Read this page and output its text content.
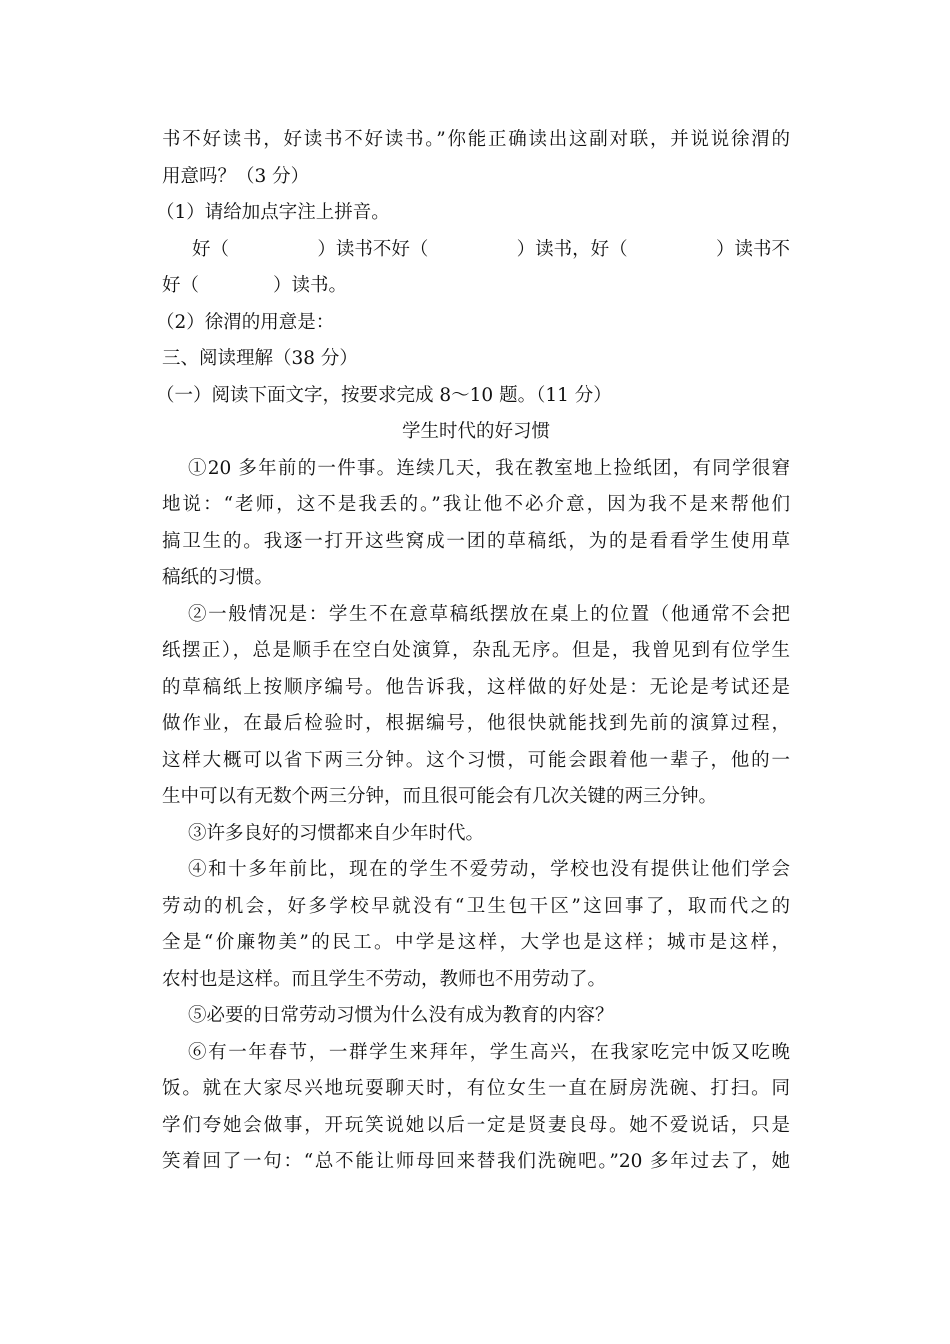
书不好读书，好读书不好读书。”你能正确读出这副对联，并说说徐渭的
用意吗？（3 分）
（1）请给加点字注上拼音。
好（	）读书不好（	）读书，好（	）读书不
好（　　　　）读书。
（2）徐渭的用意是：
三、阅读理解（38 分）
（一）阅读下面文字，按要求完成 8～10 题。（11 分）
学生时代的好习惯
①20 多年前的一件事。连续几天，我在教室地上捡纸团，有同学很窘
地说：“老师，这不是我丢的。”我让他不必介意，因为我不是来帮他们
搞卫生的。我逐一打开这些窝成一团的草稿纸，为的是看看学生使用草
稿纸的习惯。
②一般情况是：学生不在意草稿纸摆放在桌上的位置（他通常不会把
纸摆正），总是顺手在空白处演算，杂乱无序。但是，我曾见到有位学生
的草稿纸上按顺序编号。他告诉我，这样做的好处是：无论是考试还是
做作业，在最后检验时，根据编号，他很快就能找到先前的演算过程，
这样大概可以省下两三分钟。这个习惯，可能会跟着他一辈子，他的一
生中可以有无数个两三分钟，而且很可能会有几次关键的两三分钟。
③许多良好的习惯都来自少年时代。
④和十多年前比，现在的学生不爱劳动，学校也没有提供让他们学会
劳动的机会，好多学校早就没有“卫生包干区”这回事了，取而代之的
全是“价廉物美”的民工。中学是这样，大学也是这样；城市是这样，
农村也是这样。而且学生不劳动，教师也不用劳动了。
⑤必要的日常劳动习惯为什么没有成为教育的内容？
⑥有一年春节，一群学生来拜年，学生高兴，在我家吃完中饭又吃晚
饭。就在大家尽兴地玩耍聊天时，有位女生一直在厨房洗碗、打扫。同
学们夸她会做事，开玩笑说她以后一定是贤妻良母。她不爱说话，只是
笑着回了一句：“总不能让师母回来替我们洗碗吧。”20 多年过去了，她
